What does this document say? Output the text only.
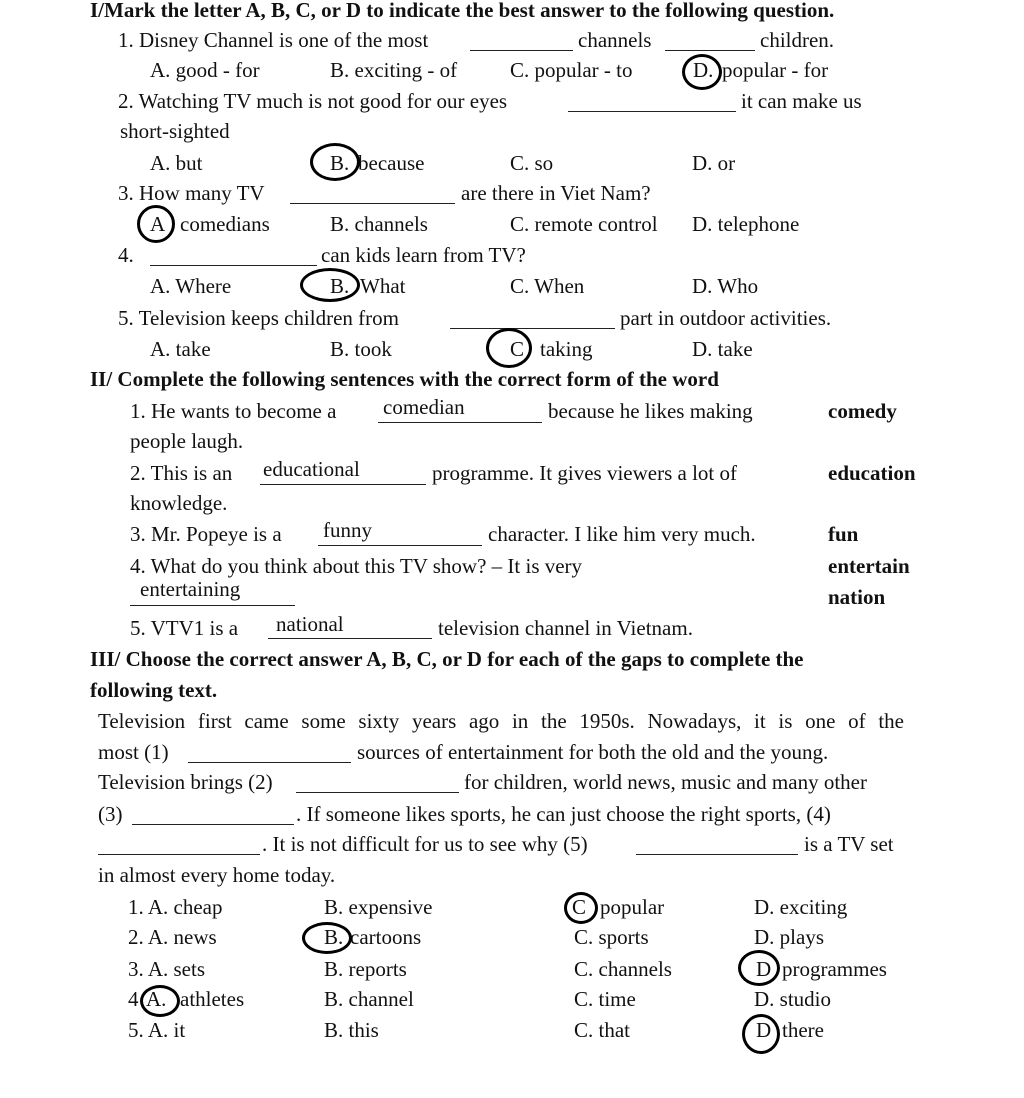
I/Mark the letter A, B, C, or D to indicate the best answer to the following question.
1. Disney Channel is one of the most	channels	children.
A. good - for	B. exciting - of	C. popular - to	D. popular - for
2. Watching TV much is not good for our eyes	it can make us
short-sighted
A. but	B. because	C. so	D. or
3. How many TV	are there in Viet Nam?
A comedians	B. channels	C. remote control D. telephone
4.	can kids learn from TV?
A. Where	B. What	C. When	D. Who
5. Television keeps children from	part in outdoor activities.
A. take	B. took	C taking	D. take
II/ Complete the following sentences with the correct form of the word
1. He wants to become a comedian	because he likes making	comedy
people laugh.
2. This is an educational	programme. It gives viewers a lot of	education
knowledge.
3. Mr. Popeye is a funny	character. I like him very much.	fun
4. What do you think about this TV show? – It is very	entertain
entertaining	nation
5. VTV1 is a national	television channel in Vietnam.
III/ Choose the correct answer A, B, C, or D for each of the gaps to complete the
following text.
Television first came some sixty years ago in the 1950s. Nowadays, it is one of the
most (1)	sources of entertainment for both the old and the young.
Television brings (2)	for children, world news, music and many other
(3)	. If someone likes sports, he can just choose the right sports, (4)
. It is not difficult for us to see why (5)	is a TV set
in almost every home today.
1. A. cheap	B. expensive	C popular	D. exciting
2. A. news	B. cartoons	C. sports	D. plays
3. A. sets	B. reports	C. channels	D programmes
4 A. athletes	B. channel	C. time	D. studio
5. A. it	B. this	C. that	D there
